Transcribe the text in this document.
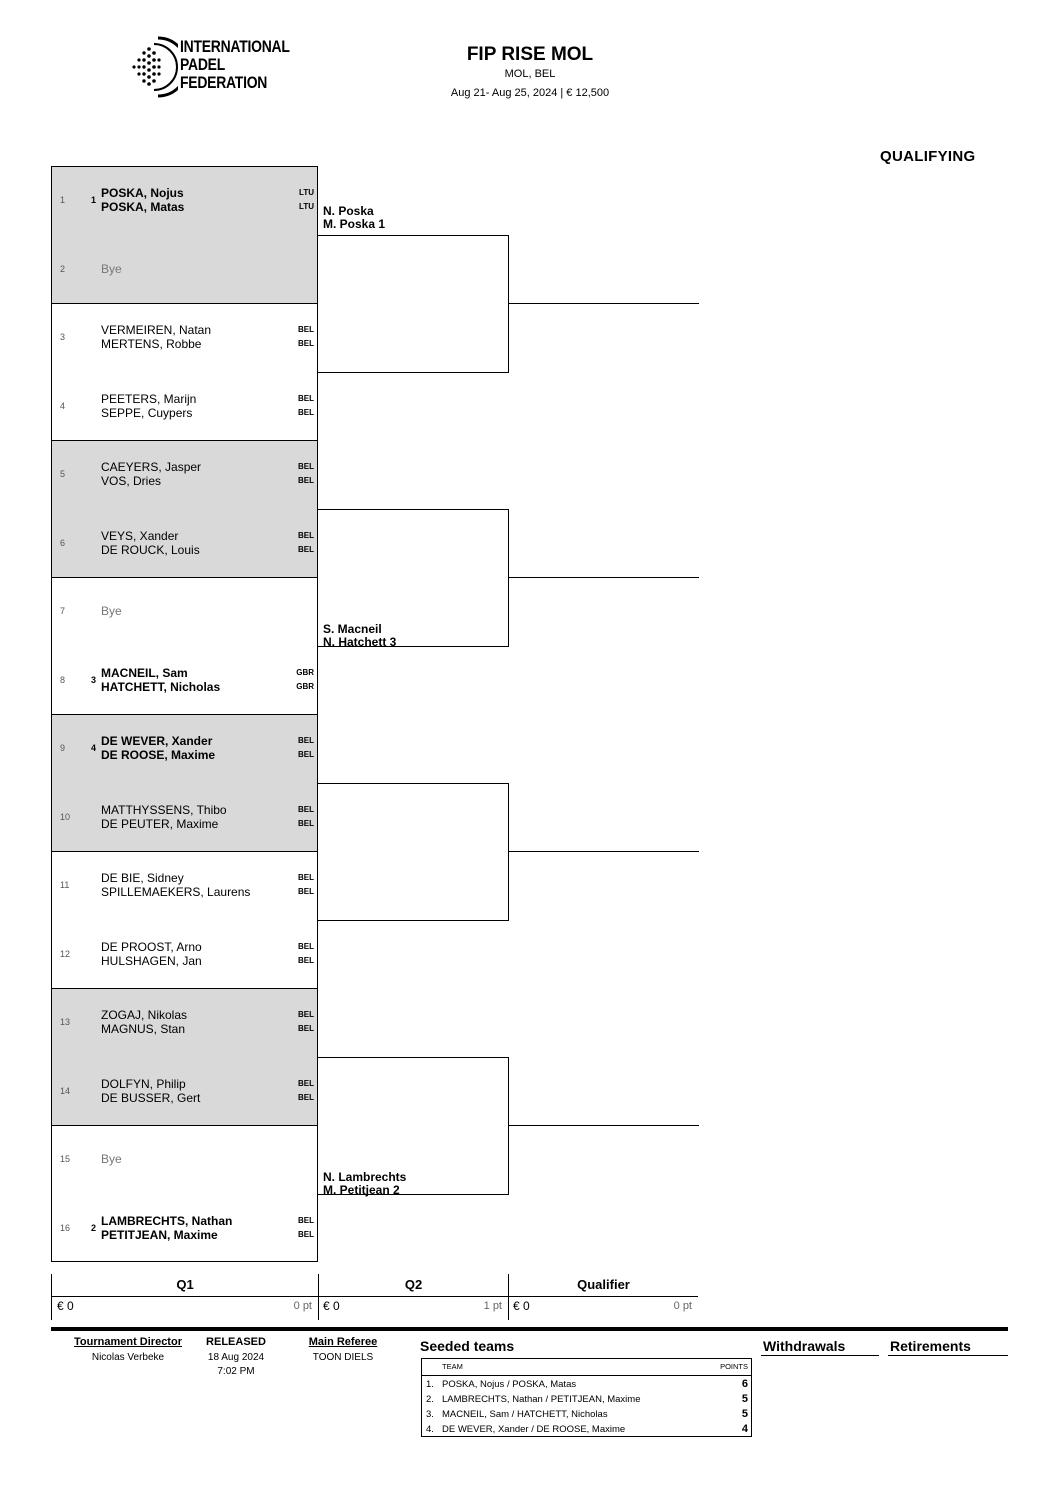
INTERNATIONAL
PADEL
FEDERATION
FIP RISE MOL
MOL, BEL
Aug 21- Aug 25, 2024 | € 12,500
QUALIFYING
1	1 POSKA, Nojus
POSKA, Matas
LTU
LTU
2	Bye
3	VERMEIREN, Natan
MERTENS, Robbe
BEL
BEL
4	PEETERS, Marijn
SEPPE, Cuypers
BEL
BEL
5	CAEYERS, Jasper
VOS, Dries
BEL
BEL
6	VEYS, Xander
DE ROUCK, Louis
BEL
BEL
7	Bye
8	3 MACNEIL, Sam
HATCHETT, Nicholas
GBR
GBR
9	4 DE WEVER, Xander
DE ROOSE, Maxime
BEL
BEL
10	MATTHYSSENS, Thibo
DE PEUTER, Maxime
BEL
BEL
11	DE BIE, Sidney
SPILLEMAEKERS, Laurens
BEL
BEL
12	DE PROOST, Arno
HULSHAGEN, Jan
BEL
BEL
13	ZOGAJ, Nikolas
MAGNUS, Stan
BEL
BEL
14	DOLFYN, Philip
DE BUSSER, Gert
BEL
BEL
15	Bye
16 2 LAMBRECHTS, Nathan
PETITJEAN, Maxime
BEL
BEL
N. Poska
M. Poska 1
S. Macneil
N. Hatchett 3
N. Lambrechts
M. Petitjean 2
Q1	Q2	Qualifier
€ 0	0 pt € 0	1 pt € 0	0 pt
Tournament Director
Nicolas Verbeke
RELEASED
18 Aug 2024
7:02 PM
Main Referee
TOON DIELS
Seeded teams	Withdrawals	Retirements
TEAM	POINTS
1. POSKA, Nojus / POSKA, Matas	6
2. LAMBRECHTS, Nathan / PETITJEAN, Maxime	5
3. MACNEIL, Sam / HATCHETT, Nicholas	5
4. DE WEVER, Xander / DE ROOSE, Maxime	4
